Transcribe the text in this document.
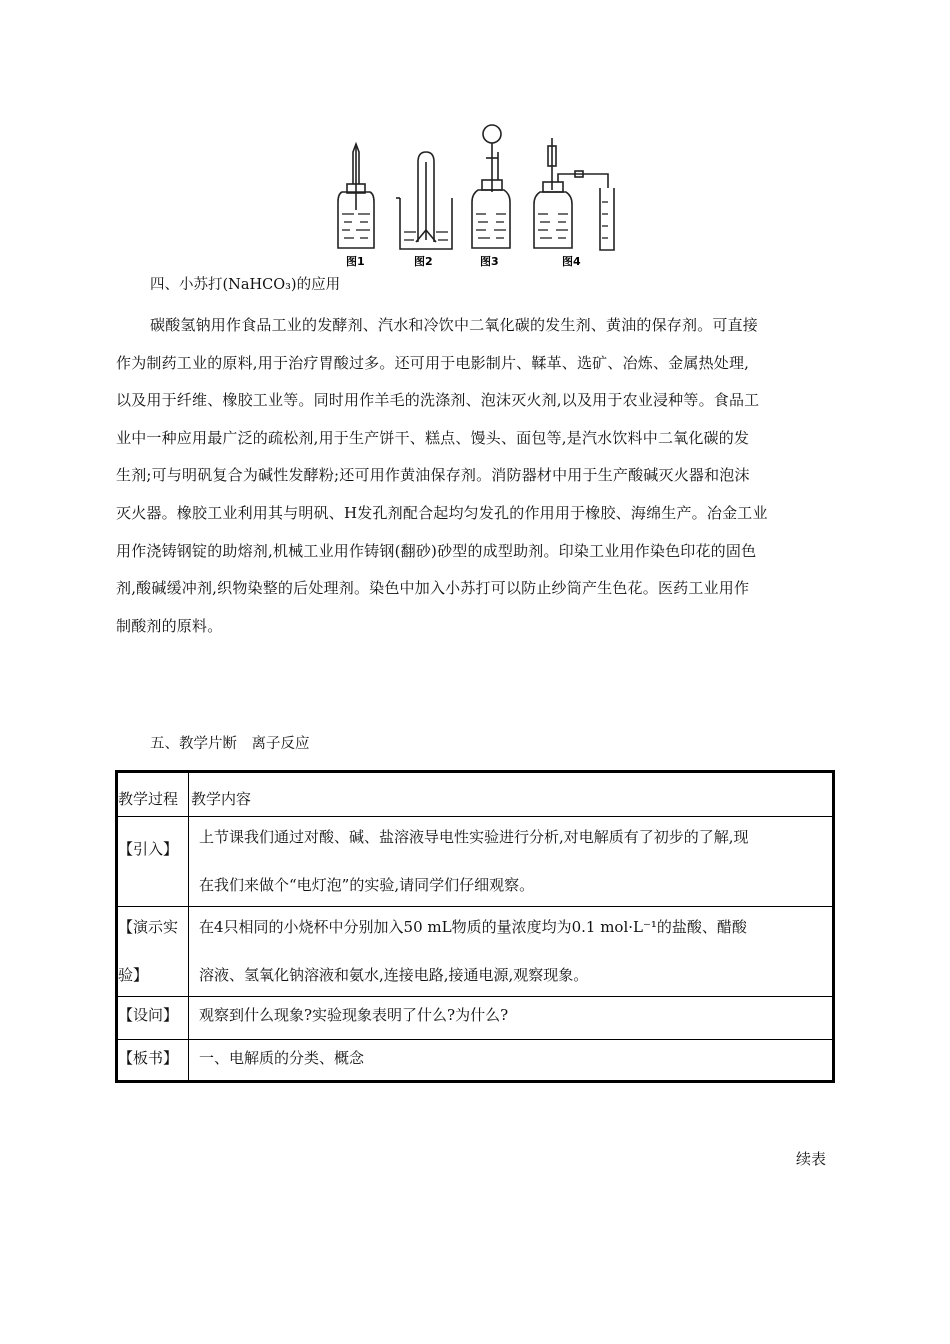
图1	图2	图3	图4
四、小苏打(NaHCO₃)的应用
碳酸氢钠用作食品工业的发酵剂、汽水和冷饮中二氧化碳的发生剂、黄油的保存剂。可直接
作为制药工业的原料,用于治疗胃酸过多。还可用于电影制片、鞣革、选矿、冶炼、金属热处理,
以及用于纤维、橡胶工业等。同时用作羊毛的洗涤剂、泡沫灭火剂,以及用于农业浸种等。食品工
业中一种应用最广泛的疏松剂,用于生产饼干、糕点、馒头、面包等,是汽水饮料中二氧化碳的发
生剂;可与明矾复合为碱性发酵粉;还可用作黄油保存剂。消防器材中用于生产酸碱灭火器和泡沫
灭火器。橡胶工业利用其与明矾、H发孔剂配合起均匀发孔的作用用于橡胶、海绵生产。冶金工业
用作浇铸钢锭的助熔剂,机械工业用作铸钢(翻砂)砂型的成型助剂。印染工业用作染色印花的固色
剂,酸碱缓冲剂,织物染整的后处理剂。染色中加入小苏打可以防止纱筒产生色花。医药工业用作
制酸剂的原料。
五、教学片断　离子反应
教学过程	教学内容

【引入】	上节课我们通过对酸、碱、盐溶液导电性实验进行分析,对电解质有了初步的了解,现
在我们来做个“电灯泡”的实验,请同学们仔细观察。

【演示实
验】	在4只相同的小烧杯中分别加入50 mL物质的量浓度均为0.1 mol·L⁻¹的盐酸、醋酸
溶液、氢氧化钠溶液和氨水,连接电路,接通电源,观察现象。

【设问】	观察到什么现象?实验现象表明了什么?为什么?

【板书】	一、电解质的分类、概念
续表
